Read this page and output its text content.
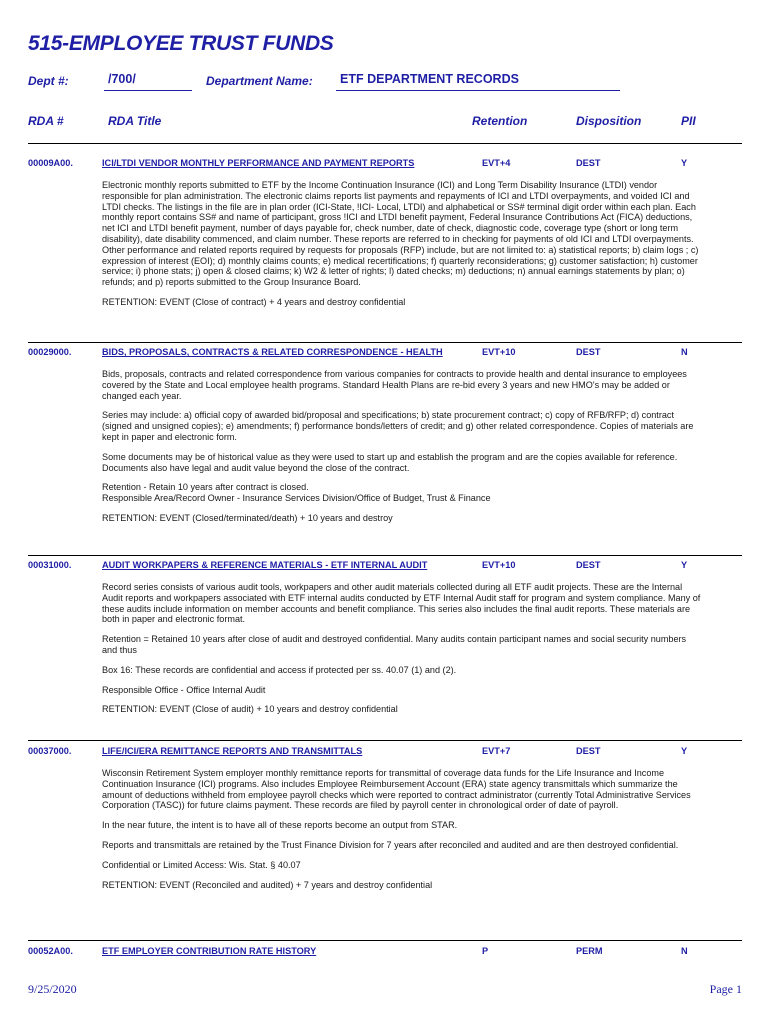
515-EMPLOYEE TRUST FUNDS
Dept #:	/700/	Department Name: ETF DEPARTMENT RECORDS
RDA #	RDA Title	Retention	Disposition	PII
00009A00.	ICI/LTDI VENDOR MONTHLY PERFORMANCE AND PAYMENT REPORTS	EVT+4	DEST	Y

Electronic monthly reports submitted to ETF by the Income Continuation Insurance (ICI) and Long Term Disability Insurance (LTDI) vendor responsible for plan administration. The electronic claims reports list payments and repayments of ICI and LTDI overpayments, and voided ICI and LTDI checks. The listings in the file are in plan order (ICI-State, !ICI- Local, LTDI) and alphabetical or SS# terminal digit order within each plan. Each monthly report contains SS# and name of participant, gross !ICI and LTDI benefit payment, Federal Insurance Contributions Act (FICA) deductions, net ICI and LTDI benefit payment, number of days payable for, check number, date of check, diagnostic code, coverage type (short or long term disability), date disability commenced, and claim number. These reports are referred to in checking for payments of old ICI and LTDI overpayments. Other performance and related reports required by requests for proposals (RFP) include, but are not limited to: a) statistical reports; b) claim logs ; c) expression of interest (EOI); d) monthly claims counts; e) medical recertifications; f) quarterly reconsiderations; g) customer satisfaction; h) customer service; i) phone stats; j) open & closed claims; k) W2 & letter of rights; l) dated checks; m) deductions; n) annual earnings statements by plan; o) refunds; and p) reports submitted to the Group Insurance Board.

RETENTION: EVENT (Close of contract) + 4 years and destroy confidential

00029000.	BIDS, PROPOSALS, CONTRACTS & RELATED CORRESPONDENCE - HEALTH	EVT+10	DEST	N

Bids, proposals, contracts and related correspondence from various companies for contracts to provide health and dental insurance to employees covered by the State and Local employee health programs. Standard Health Plans are re-bid every 3 years and new HMO's may be added or changed each year.

Series may include: a) official copy of awarded bid/proposal and specifications; b) state procurement contract; c) copy of RFB/RFP; d) contract (signed and unsigned copies); e) amendments; f) performance bonds/letters of credit; and g) other related correspondence. Copies of materials are kept in paper and electronic form.

Some documents may be of historical value as they were used to start up and establish the program and are the copies available for reference. Documents also have legal and audit value beyond the close of the contract.

Retention - Retain 10 years after contract is closed.
Responsible Area/Record Owner - Insurance Services Division/Office of Budget, Trust & Finance

RETENTION: EVENT (Closed/terminated/death) + 10 years and destroy

00031000.	AUDIT WORKPAPERS & REFERENCE MATERIALS - ETF INTERNAL AUDIT	EVT+10	DEST	Y

Record series consists of various audit tools, workpapers and other audit materials collected during all ETF audit projects. These are the Internal Audit reports and workpapers associated with ETF internal audits conducted by ETF Internal Audit staff for program and system compliance. Many of these audits include information on member accounts and benefit compliance. This series also includes the final audit reports. These materials are both in paper and electronic format.

Retention = Retained 10 years after close of audit and destroyed confidential. Many audits contain participant names and social security numbers and thus

Box 16: These records are confidential and access if protected per ss. 40.07 (1) and (2).

Responsible Office - Office Internal Audit

RETENTION: EVENT (Close of audit) + 10 years and destroy confidential

00037000.	LIFE/ICI/ERA REMITTANCE REPORTS AND TRANSMITTALS	EVT+7	DEST	Y

Wisconsin Retirement System employer monthly remittance reports for transmittal of coverage data funds for the Life Insurance and Income Continuation Insurance (ICI) programs. Also includes Employee Reimbursement Account (ERA) state agency transmittals which summarize the amount of deductions withheld from employee payroll checks which were reported to contract administrator (currently Total Administrative Services Corporation (TASC)) for future claims payment. These records are filed by payroll center in chronological order of date of payroll.

In the near future, the intent is to have all of these reports become an output from STAR.

Reports and transmittals are retained by the Trust Finance Division for 7 years after reconciled and audited and are then destroyed confidential.

Confidential or Limited Access: Wis. Stat. § 40.07

RETENTION: EVENT (Reconciled and audited) + 7 years and destroy confidential

00052A00.	ETF EMPLOYER CONTRIBUTION RATE HISTORY	P	PERM	N
9/25/2020	Page 1
